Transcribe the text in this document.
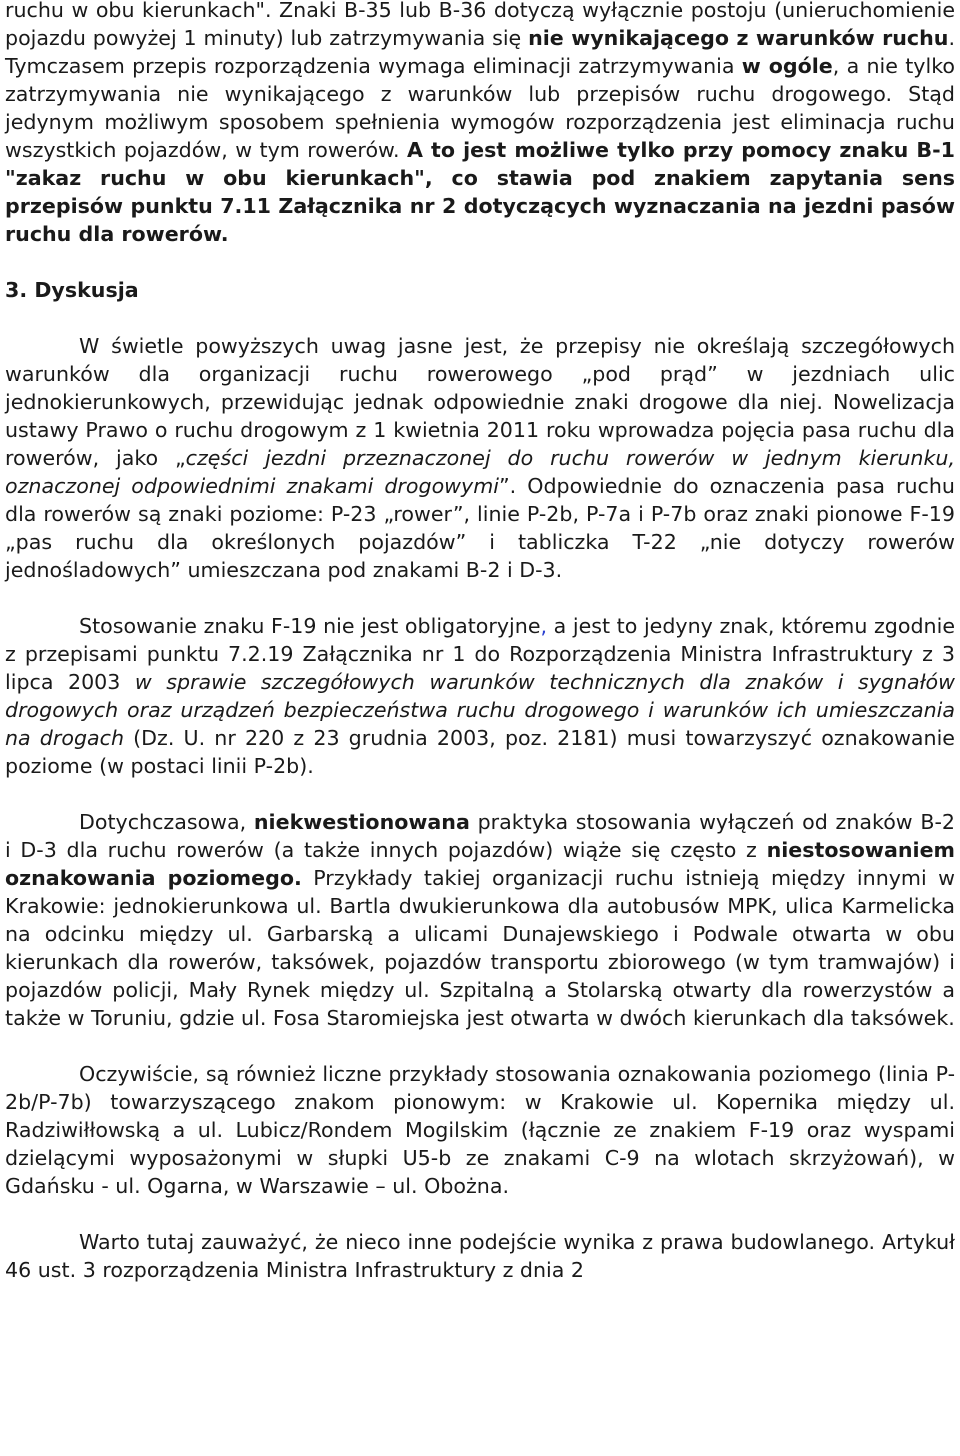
ruchu w obu kierunkach". Znaki B-35 lub B-36 dotyczą wyłącznie postoju (unieruchomienie pojazdu powyżej 1 minuty) lub zatrzymywania się nie wynikającego z warunków ruchu. Tymczasem przepis rozporządzenia wymaga eliminacji zatrzymywania w ogóle, a nie tylko zatrzymywania nie wynikającego z warunków lub przepisów ruchu drogowego. Stąd jedynym możliwym sposobem spełnienia wymogów rozporządzenia jest eliminacja ruchu wszystkich pojazdów, w tym rowerów. A to jest możliwe tylko przy pomocy znaku B-1 "zakaz ruchu w obu kierunkach", co stawia pod znakiem zapytania sens przepisów punktu 7.11 Załącznika nr 2 dotyczących wyznaczania na jezdni pasów ruchu dla rowerów.

3. Dyskusja

W świetle powyższych uwag jasne jest, że przepisy nie określają szczegółowych warunków dla organizacji ruchu rowerowego „pod prąd” w jezdniach ulic jednokierunkowych, przewidując jednak odpowiednie znaki drogowe dla niej. Nowelizacja ustawy Prawo o ruchu drogowym z 1 kwietnia 2011 roku wprowadza pojęcia pasa ruchu dla rowerów, jako „części jezdni przeznaczonej do ruchu rowerów w jednym kierunku, oznaczonej odpowiednimi znakami drogowymi”. Odpowiednie do oznaczenia pasa ruchu dla rowerów są znaki poziome: P-23 „rower”, linie P-2b, P-7a i P-7b oraz znaki pionowe F-19 „pas ruchu dla określonych pojazdów” i tabliczka T-22 „nie dotyczy rowerów jednośladowych” umieszczana pod znakami B-2 i D-3.

Stosowanie znaku F-19 nie jest obligatoryjne, a jest to jedyny znak, któremu zgodnie z przepisami punktu 7.2.19 Załącznika nr 1 do Rozporządzenia Ministra Infrastruktury z 3 lipca 2003 w sprawie szczegółowych warunków technicznych dla znaków i sygnałów drogowych oraz urządzeń bezpieczeństwa ruchu drogowego i warunków ich umieszczania na drogach (Dz. U. nr 220 z 23 grudnia 2003, poz. 2181) musi towarzyszyć oznakowanie poziome (w postaci linii P-2b).

Dotychczasowa, niekwestionowana praktyka stosowania wyłączeń od znaków B-2 i D-3 dla ruchu rowerów (a także innych pojazdów) wiąże się często z niestosowaniem oznakowania poziomego. Przykłady takiej organizacji ruchu istnieją między innymi w Krakowie: jednokierunkowa ul. Bartla dwukierunkowa dla autobusów MPK, ulica Karmelicka na odcinku między ul. Garbarską a ulicami Dunajewskiego i Podwale otwarta w obu kierunkach dla rowerów, taksówek, pojazdów transportu zbiorowego (w tym tramwajów) i pojazdów policji, Mały Rynek między ul. Szpitalną a Stolarską otwarty dla rowerzystów a także w Toruniu, gdzie ul. Fosa Staromiejska jest otwarta w dwóch kierunkach dla taksówek.

Oczywiście, są również liczne przykłady stosowania oznakowania poziomego (linia P-2b/P-7b) towarzyszącego znakom pionowym: w Krakowie ul. Kopernika między ul. Radziwiłłowską a ul. Lubicz/Rondem Mogilskim (łącznie ze znakiem F-19 oraz wyspami dzielącymi wyposażonymi w słupki U5-b ze znakami C-9 na wlotach skrzyżowań), w Gdańsku - ul. Ogarna, w Warszawie – ul. Obożna.

Warto tutaj zauważyć, że nieco inne podejście wynika z prawa budowlanego. Artykuł 46 ust. 3 rozporządzenia Ministra Infrastruktury z dnia 2
